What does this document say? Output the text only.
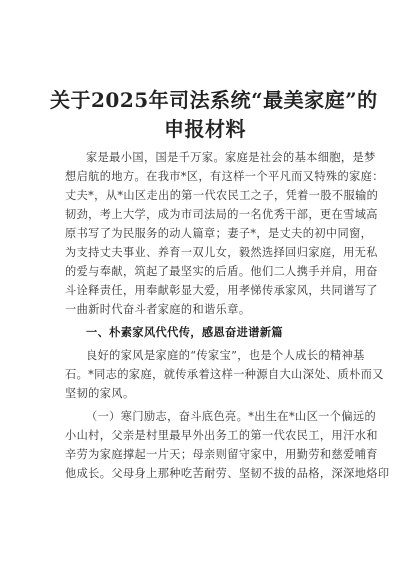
关于2025年司法系统“最美家庭”的
申报材料
家是最小国，国是千万家。家庭是社会的基本细胞，是梦
想启航的地方。在我市*区，有这样一个平凡而又特殊的家庭：
丈夫*，从*山区走出的第一代农民工之子，凭着一股不服输的
韧劲，考上大学，成为市司法局的一名优秀干部，更在雪域高
原书写了为民服务的动人篇章；妻子*，是丈夫的初中同窗，
为支持丈夫事业、养育一双儿女，毅然选择回归家庭，用无私
的爱与奉献，筑起了最坚实的后盾。他们二人携手并肩，用奋
斗诠释责任，用奉献彰显大爱，用孝悌传承家风，共同谱写了
一曲新时代奋斗者家庭的和谐乐章。
一、朴素家风代代传，感恩奋进谱新篇
良好的家风是家庭的“传家宝”，也是个人成长的精神基
石。*同志的家庭，就传承着这样一种源自大山深处、质朴而又
坚韧的家风。
（一）寒门励志，奋斗底色亮。*出生在*山区一个偏远的
小山村，父亲是村里最早外出务工的第一代农民工，用汗水和
辛劳为家庭撑起一片天；母亲则留守家中，用勤劳和慈爱哺育
他成长。父母身上那种吃苦耐劳、坚韧不拔的品格，深深地烙印
